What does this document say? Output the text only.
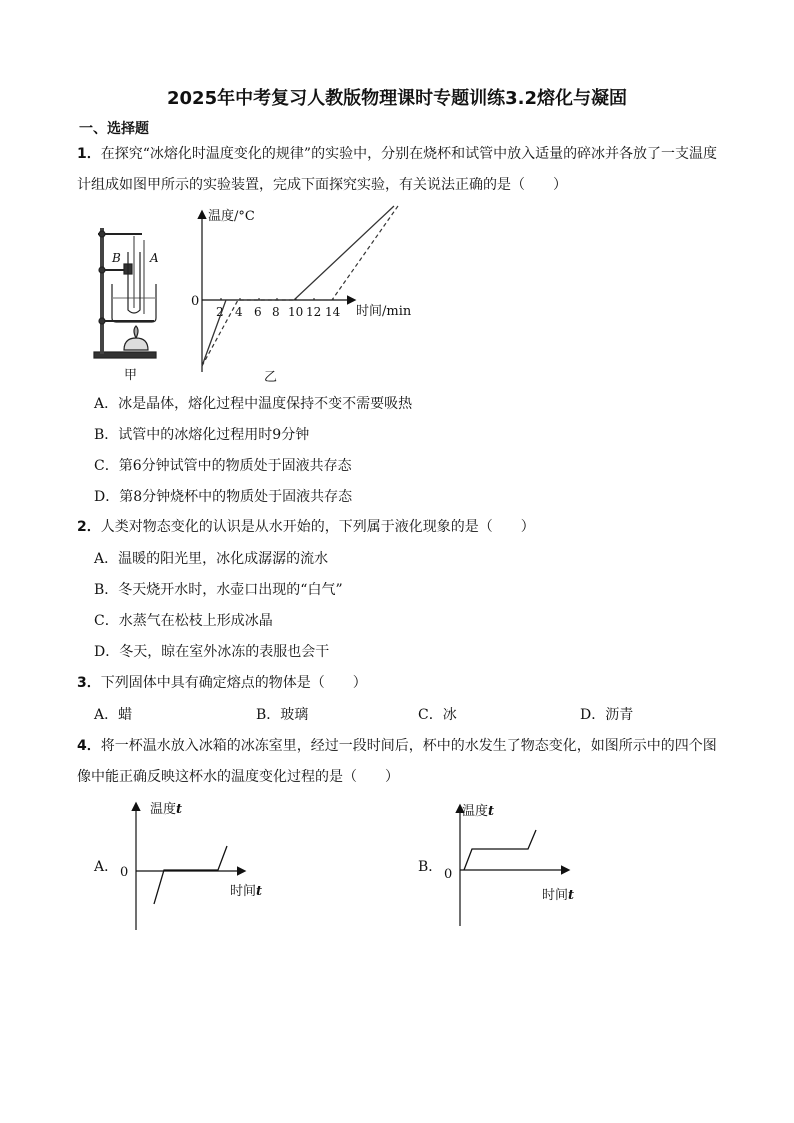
2025年中考复习人教版物理课时专题训练3.2熔化与凝固
一、选择题
1．在探究“冰熔化时温度变化的规律”的实验中，分别在烧杯和试管中放入适量的碎冰并各放了一支温度
计组成如图甲所示的实验装置，完成下面探究实验，有关说法正确的是（　　）
B A
甲
温度/°C
时间/min
0
2 4 6 8 10 12 14
乙
A．冰是晶体，熔化过程中温度保持不变不需要吸热
B．试管中的冰熔化过程用时9分钟
C．第6分钟试管中的物质处于固液共存态
D．第8分钟烧杯中的物质处于固液共存态
2．人类对物态变化的认识是从水开始的，下列属于液化现象的是（　　）
A．温暖的阳光里，冰化成潺潺的流水
B．冬天烧开水时，水壶口出现的“白气”
C．水蒸气在松枝上形成冰晶
D．冬天，晾在室外冰冻的表服也会干
3．下列固体中具有确定熔点的物体是（　　）
A．蜡	B．玻璃	C．冰	D．沥青
4．将一杯温水放入冰箱的冰冻室里，经过一段时间后，杯中的水发生了物态变化，如图所示中的四个图
像中能正确反映这杯水的温度变化过程的是（　　）
A．
温度t
时间t
0	B．
温度t
时间t
0
